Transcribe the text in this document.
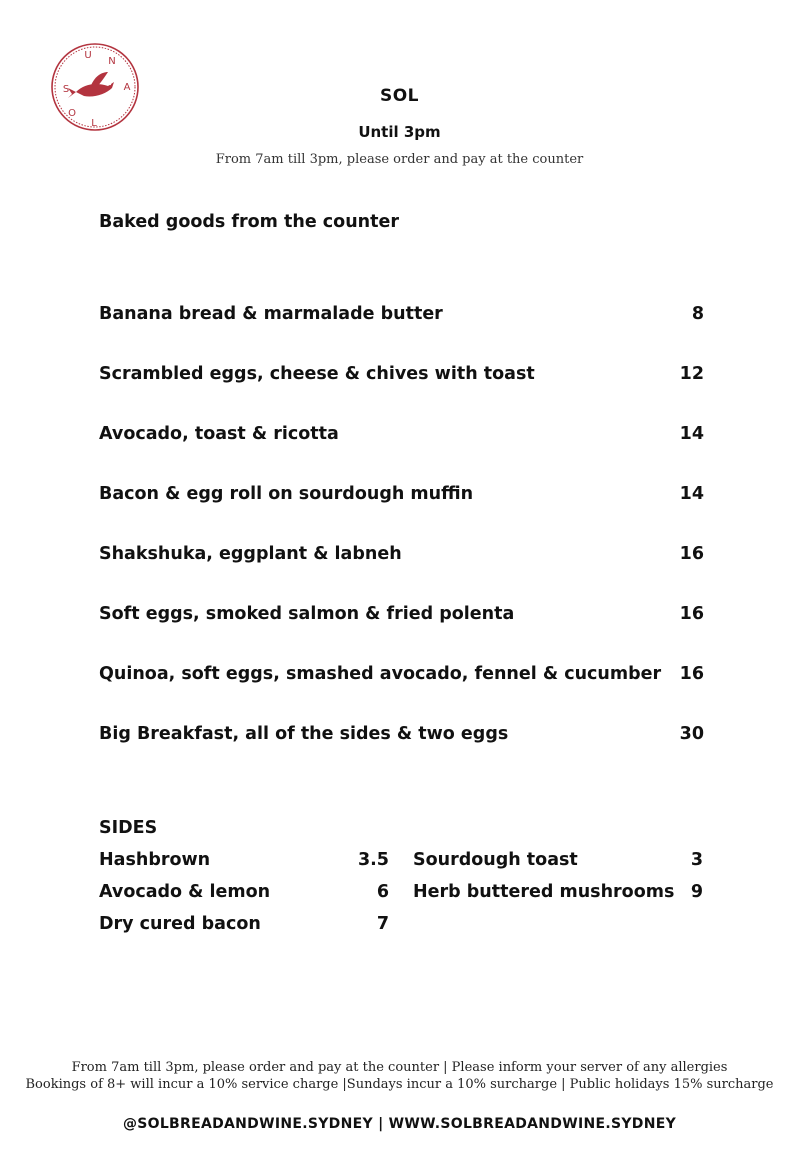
S
U
N
A
L
O
SOL
Until 3pm
From 7am till 3pm, please order and pay at the counter
Baked goods from the counter
Banana bread & marmalade butter	8
Scrambled eggs, cheese & chives with toast	12
Avocado, toast & ricotta	14
Bacon & egg roll on sourdough muffin	14
Shakshuka, eggplant & labneh	16
Soft eggs, smoked salmon & fried polenta	16
Quinoa, soft eggs, smashed avocado, fennel & cucumber 16
Big Breakfast, all of the sides & two eggs	30
SIDES
Hashbrown	3.5
Avocado & lemon	6
Dry cured bacon	7
Sourdough toast	3
Herb buttered mushrooms 9
From 7am till 3pm, please order and pay at the counter | Please inform your server of any allergies
Bookings of 8+ will incur a 10% service charge |Sundays incur a 10% surcharge | Public holidays 15% surcharge
@SOLBREADANDWINE.SYDNEY | WWW.SOLBREADANDWINE.SYDNEY
